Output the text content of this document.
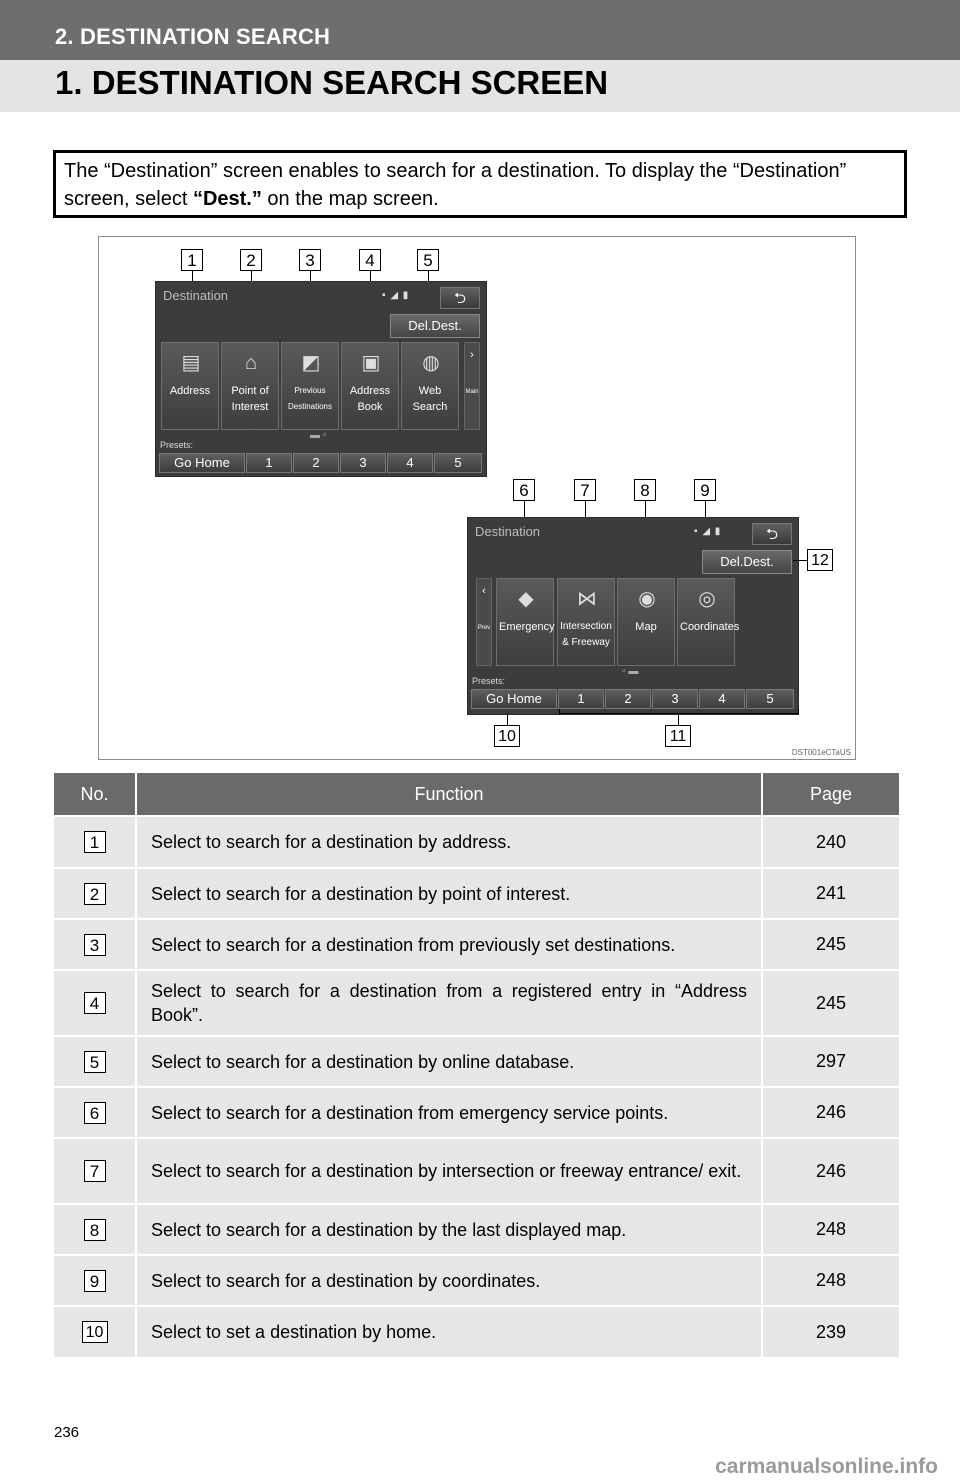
2. DESTINATION SEARCH
1. DESTINATION SEARCH SCREEN
The “Destination” screen enables to search for a destination. To display the “Destination” screen, select “Dest.” on the map screen.
1	2	3	4	5
Destination	▪ ◢ ▮	⮌
Del.Dest.
▤
Address
⌂
Point of Interest
◩
Previous Destinations
▣
Address Book
◍
Web Search
›
Main
▬ ▫
Presets:
Go Home	1	2	3	4	5
6	7	8	9
Destination	▪ ◢ ▮	⮌
Del.Dest.
‹
Prev
◆
Emergency
⋈
Intersection & Freeway
◉
Map
◎
Coordinates
▫ ▬
Presets:
Go Home	1	2	3	4	5
12
10	11
DST001eCTaUS
No.	Function	Page
1	Select to search for a destination by address.	240
2	Select to search for a destination by point of interest.	241
3	Select to search for a destination from previously set destinations.	245
4	Select to search for a destination from a registered entry in “Address Book”.	245
5	Select to search for a destination by online database.	297
6	Select to search for a destination from emergency service points.	246
7	Select to search for a destination by intersection or freeway entrance/ exit.	246
8	Select to search for a destination by the last displayed map.	248
9	Select to search for a destination by coordinates.	248
10	Select to set a destination by home.	239
236
carmanualsonline.info
